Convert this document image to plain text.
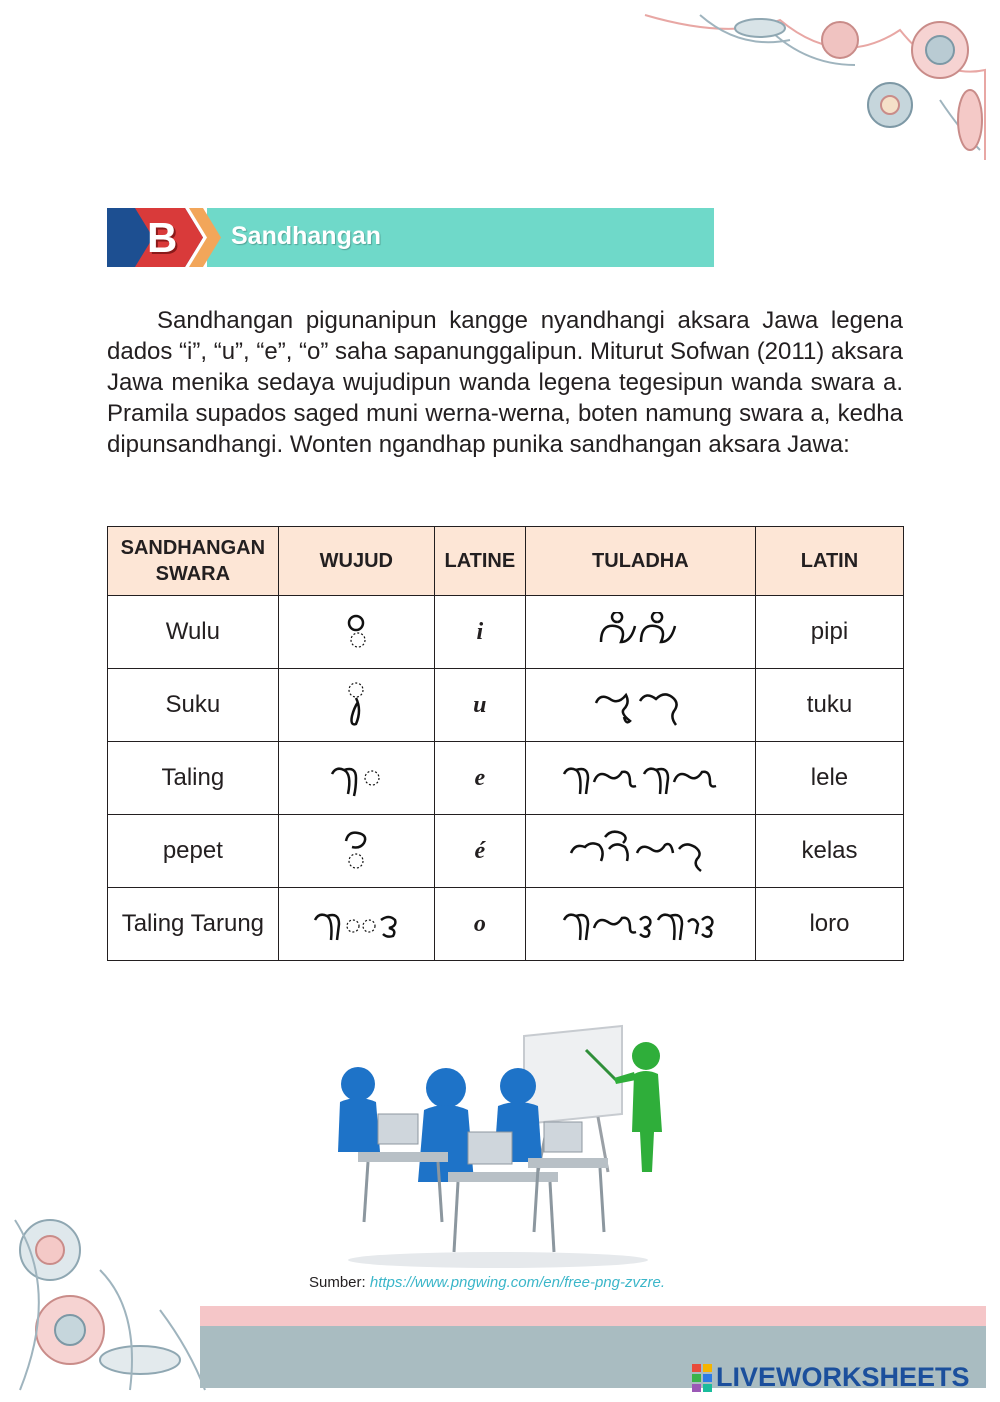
B Sandhangan

Sandhangan pigunanipun kangge nyandhangi aksara Jawa legena dados “i”, “u”, “e”, “o” saha sapanunggalipun. Miturut Sofwan (2011) aksara Jawa menika sedaya wujudipun wanda legena tegesipun wanda swara a. Pramila supados saged muni werna-werna, boten namung swara a, kedha dipunsandhangi. Wonten ngandhap punika sandhangan aksara Jawa:

SANDHANGAN
SWARA	WUJUD	LATINE	TULADHA	LATIN
Wulu		i		pipi
Suku		u		tuku
Taling		e		lele
pepet		é		kelas
Taling Tarung		o		loro
Sumber: https://www.pngwing.com/en/free-png-zvzre.
LIVEWORKSHEETS
